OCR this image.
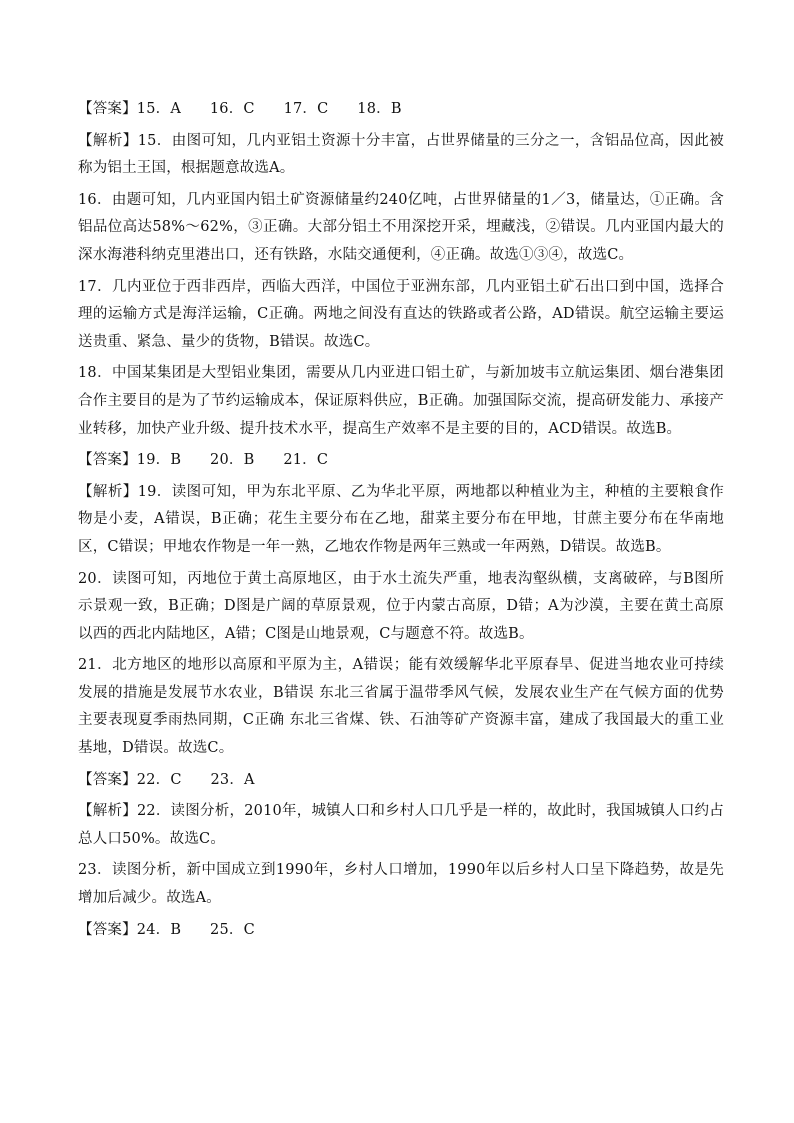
【答案】15．A      16．C      17．C      18．B

【解析】15．由图可知，几内亚铝土资源十分丰富，占世界储量的三分之一，含铝品位高，因此被称为铝土王国，根据题意故选A。

16．由题可知，几内亚国内铝土矿资源储量约240亿吨，占世界储量的1／3，储量达，①正确。含铝品位高达58%～62%，③正确。大部分铝土不用深挖开采，埋藏浅，②错误。几内亚国内最大的深水海港科纳克里港出口，还有铁路，水陆交通便利，④正确。故选①③④，故选C。

17．几内亚位于西非西岸，西临大西洋，中国位于亚洲东部，几内亚铝土矿石出口到中国，选择合理的运输方式是海洋运输，C正确。两地之间没有直达的铁路或者公路，AD错误。航空运输主要运送贵重、紧急、量少的货物，B错误。故选C。

18．中国某集团是大型铝业集团，需要从几内亚进口铝土矿，与新加坡韦立航运集团、烟台港集团合作主要目的是为了节约运输成本，保证原料供应，B正确。加强国际交流，提高研发能力、承接产业转移，加快产业升级、提升技术水平，提高生产效率不是主要的目的，ACD错误。故选B。

【答案】19．B      20．B      21．C

【解析】19．读图可知，甲为东北平原、乙为华北平原，两地都以种植业为主，种植的主要粮食作物是小麦，A错误，B正确；花生主要分布在乙地，甜菜主要分布在甲地，甘蔗主要分布在华南地区，C错误；甲地农作物是一年一熟，乙地农作物是两年三熟或一年两熟，D错误。故选B。

20．读图可知，丙地位于黄土高原地区，由于水土流失严重，地表沟壑纵横，支离破碎，与B图所示景观一致，B正确；D图是广阔的草原景观，位于内蒙古高原，D错；A为沙漠，主要在黄土高原以西的西北内陆地区，A错；C图是山地景观，C与题意不符。故选B。

21．北方地区的地形以高原和平原为主，A错误；能有效缓解华北平原春旱、促进当地农业可持续发展的措施是发展节水农业，B错误 东北三省属于温带季风气候，发展农业生产在气候方面的优势主要表现夏季雨热同期，C正确 东北三省煤、铁、石油等矿产资源丰富，建成了我国最大的重工业基地，D错误。故选C。

【答案】22．C      23．A

【解析】22．读图分析，2010年，城镇人口和乡村人口几乎是一样的，故此时，我国城镇人口约占总人口50%。故选C。

23．读图分析，新中国成立到1990年，乡村人口增加，1990年以后乡村人口呈下降趋势，故是先增加后减少。故选A。

【答案】24．B      25．C
